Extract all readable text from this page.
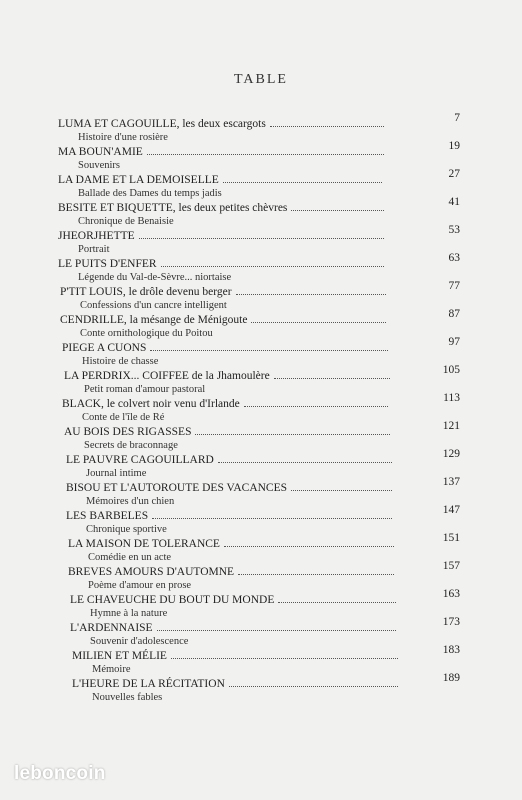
TABLE
LUMA ET CAGOUILLE, les deux escargots	7
Histoire d'une rosière
MA BOUN'AMIE	19
Souvenirs
LA DAME ET LA DEMOISELLE	27
Ballade des Dames du temps jadis
BESITE ET BIQUETTE, les deux petites chèvres	41
Chronique de Benaisie
JHEORJHETTE	53
Portrait
LE PUITS D'ENFER	63
Légende du Val-de-Sèvre... niortaise
P'TIT LOUIS, le drôle devenu berger	77
Confessions d'un cancre intelligent
CENDRILLE, la mésange de Ménigoute	87
Conte ornithologique du Poitou
PIEGE A CUONS	97
Histoire de chasse
LA PERDRIX... COIFFEE de la Jhamoulère	105
Petit roman d'amour pastoral
BLACK, le colvert noir venu d'Irlande	113
Conte de l'île de Ré
AU BOIS DES RIGASSES	121
Secrets de braconnage
LE PAUVRE CAGOUILLARD	129
Journal intime
BISOU ET L'AUTOROUTE DES VACANCES	137
Mémoires d'un chien
LES BARBELES	147
Chronique sportive
LA MAISON DE TOLERANCE	151
Comédie en un acte
BREVES AMOURS D'AUTOMNE	157
Poème d'amour en prose
LE CHAVEUCHE DU BOUT DU MONDE	163
Hymne à la nature
L'ARDENNAISE	173
Souvenir d'adolescence
MILIEN ET MÉLIE	183
Mémoire
L'HEURE DE LA RÉCITATION	189
Nouvelles fables
leboncoin
